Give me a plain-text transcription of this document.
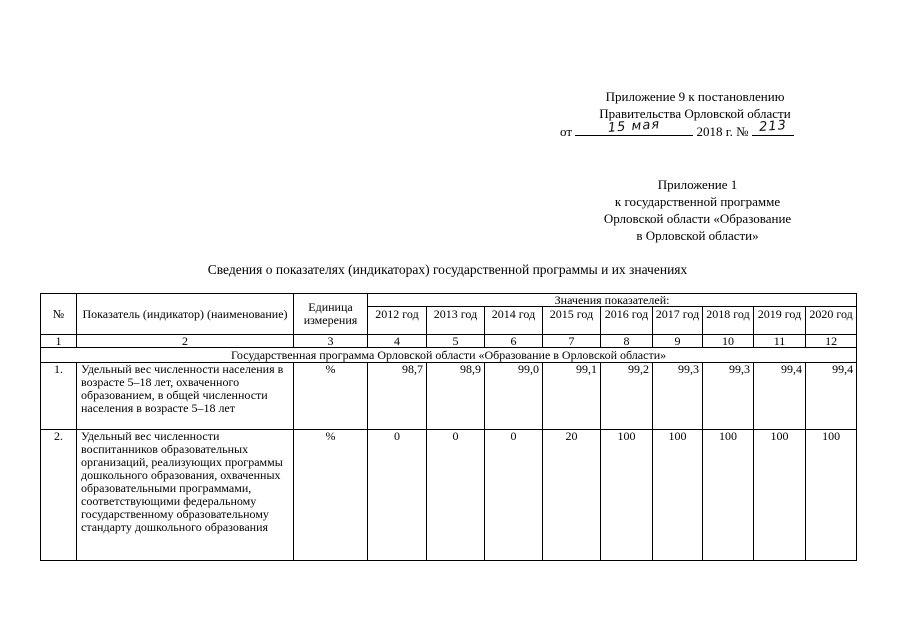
Приложение 9 к постановлению
Правительства Орловской области
от	15 мая	2018 г. № 213
Приложение 1
к государственной программе
Орловской области «Образование
в Орловской области»
Сведения о показателях (индикаторах) государственной программы и их значениях
№	Показатель (индикатор) (наименование)	Единица измерения	Значения показателей:								
			2012 год	2013 год	2014 год	2015 год	2016 год	2017 год	2018 год	2019 год	2020 год
1	2	3	4	5	6	7	8	9	10	11	12
Государственная программа Орловской области «Образование в Орловской области»											
1.	Удельный вес численности населения в возрасте 5–18 лет, охваченного образованием, в общей численности населения в возрасте 5–18 лет	%	98,7	98,9	99,0	99,1	99,2	99,3	99,3	99,4	99,4
2.	Удельный вес численности воспитанников образовательных организаций, реализующих программы дошкольного образования, охваченных образовательными программами, соответствующими федеральному государственному образовательному стандарту дошкольного образования	%	0	0	0	20	100	100	100	100	100
